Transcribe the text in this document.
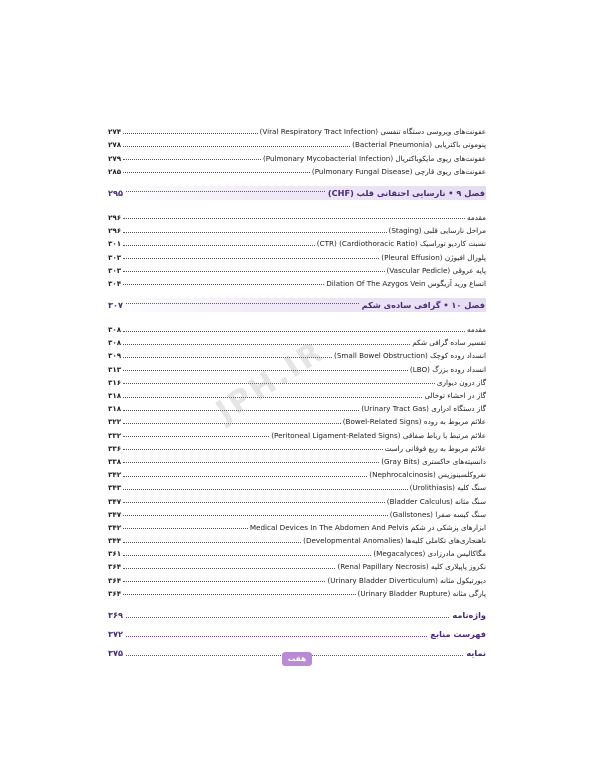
عفونت‌های ویروسی دستگاه تنفسی (Viral Respiratory Tract Infection)
۲۷۴
پنومونی باکتریایی (Bacterial Pneumonia)
۲۷۸
عفونت‌های ریوی مایکوباکتریال (Pulmonary Mycobacterial Infection)
۲۷۹
عفونت‌های ریوی قارچی (Pulmonary Fungal Disease)
۲۸۵
فصل ۹ • نارسایی احتقانی قلب (CHF)
۲۹۵
مقدمه
۲۹۶
مراحل نارسایی قلبی (Staging)
۲۹۶
نسبت کاردیو توراسیک (Cardiothoracic Ratio) (CTR)
۳۰۱
پلورال افیوژن (Pleural Effusion)
۳۰۳
پایه عروقی (Vascular Pedicle)
۳۰۳
اتساع ورید آزیگوس Dilation Of The Azygos Vein
۳۰۴
فصل ۱۰ • گرافی ساده‌ی شکم
۳۰۷
مقدمه
۳۰۸
تفسیر ساده گرافی شکم
۳۰۸
انسداد روده کوچک (Small Bowel Obstruction)
۳۰۹
انسداد روده بزرگ (LBO)
۳۱۳
گاز درون دیواری
۳۱۶
گاز در احشاء توخالی
۳۱۸
گاز دستگاه ادراری (Urinary Tract Gas)
۳۱۸
علائم مربوط به روده (Bowel-Related Signs)
۳۲۲
علائم مرتبط با رباط صفاقی (Peritoneal Ligament-Related Signs)
۳۳۲
علائم مربوط به ربع فوقانی راست
۳۳۶
دانسیته‌های خاکستری (Gray Bits)
۳۳۸
نفروکلسینوزیس (Nephrocalcinosis)
۳۴۲
سنگ کلیه (Urolithiasis)
۳۴۳
سنگ مثانه (Bladder Calculus)
۳۴۷
سنگ کیسه صفرا (Gallstones)
۳۴۷
ابزارهای پزشکی در شکم Medical Devices In The Abdomen And Pelvis
۳۴۲
ناهنجاری‌های تکاملی کلیه‌ها (Developmental Anomalies)
۳۴۴
مگاکالیس مادرزادی (Megacalyces)
۳۶۱
نکروز پاپیلاری کلیه (Renal Papillary Necrosis)
۳۶۴
دیورتیکول مثانه (Urinary Bladder Diverticulum)
۳۶۴
پارگی مثانه (Urinary Bladder Rupture)
۳۶۴
واژه‌نامه
۳۶۹
فهرست منابع
۳۷۲
نمایه
۳۷۵
JPH.IR
هفت
